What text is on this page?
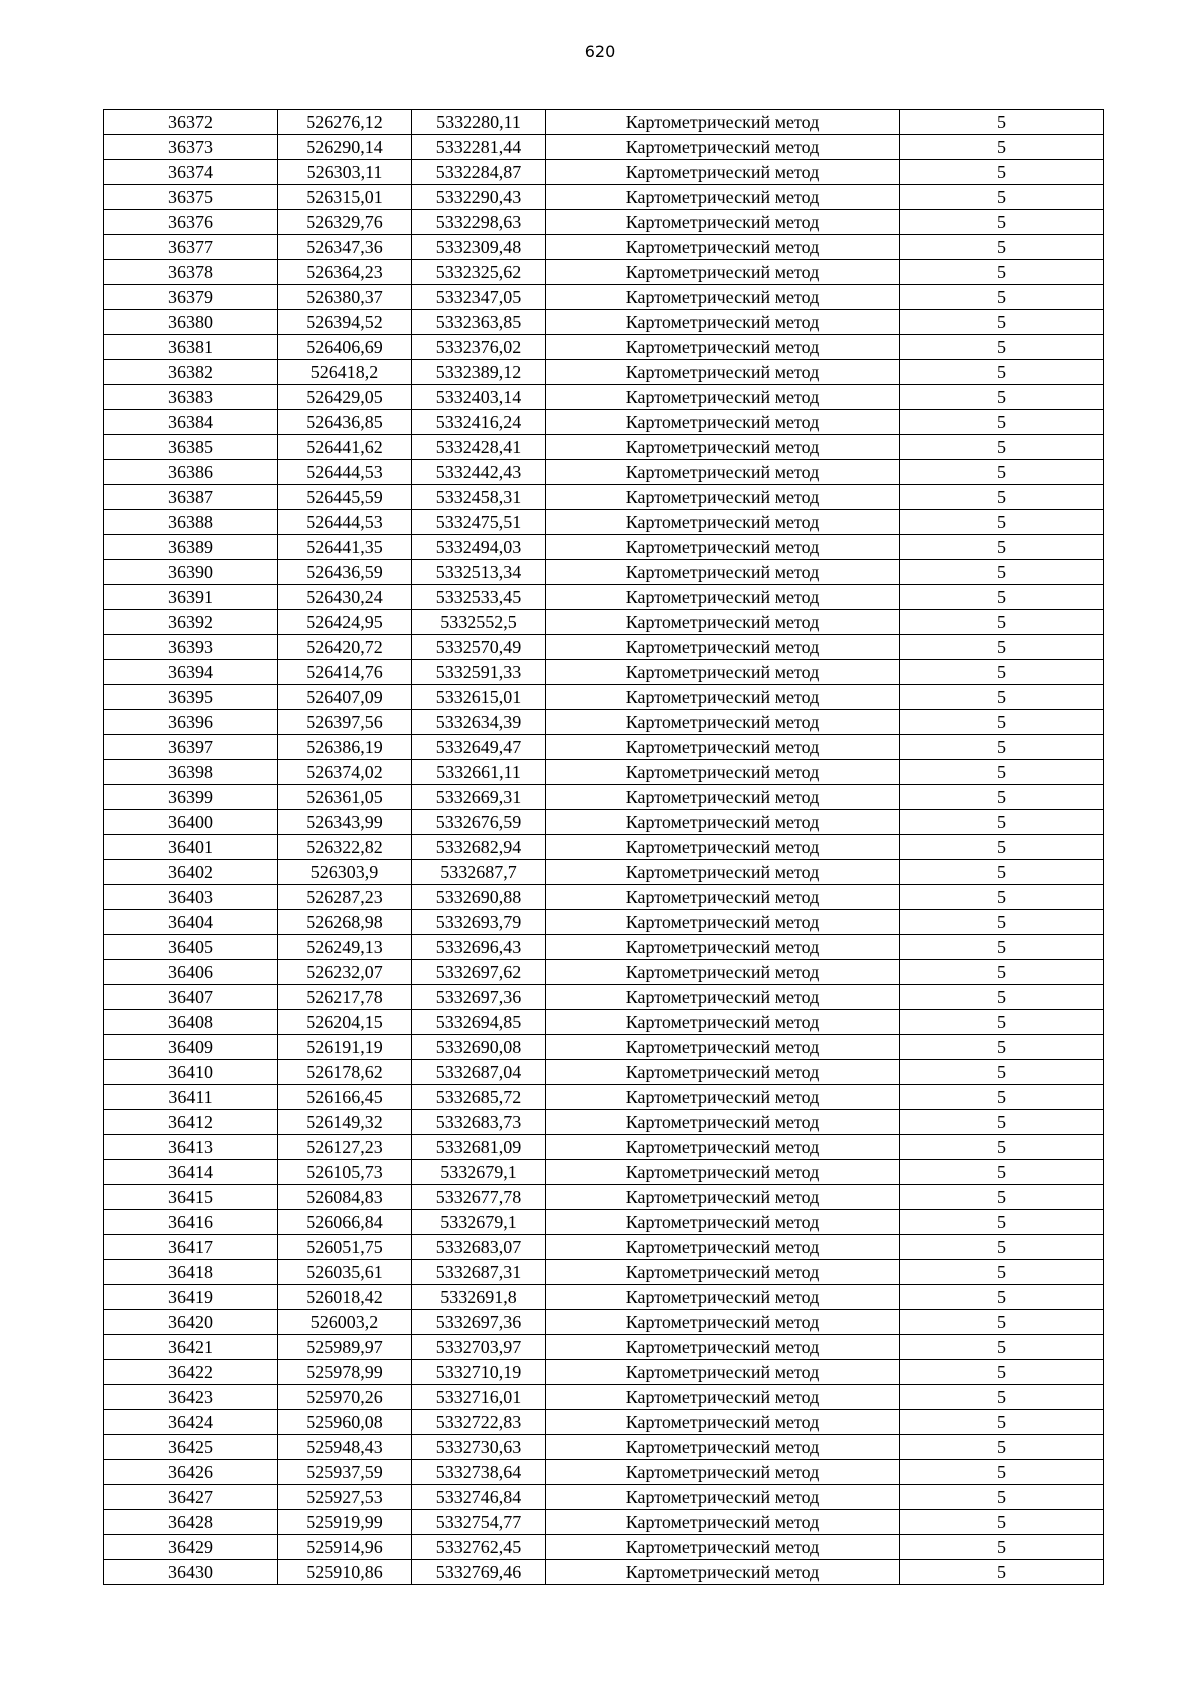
620
36372	526276,12	5332280,11	Картометрический метод	5
36373	526290,14	5332281,44	Картометрический метод	5
36374	526303,11	5332284,87	Картометрический метод	5
36375	526315,01	5332290,43	Картометрический метод	5
36376	526329,76	5332298,63	Картометрический метод	5
36377	526347,36	5332309,48	Картометрический метод	5
36378	526364,23	5332325,62	Картометрический метод	5
36379	526380,37	5332347,05	Картометрический метод	5
36380	526394,52	5332363,85	Картометрический метод	5
36381	526406,69	5332376,02	Картометрический метод	5
36382	526418,2	5332389,12	Картометрический метод	5
36383	526429,05	5332403,14	Картометрический метод	5
36384	526436,85	5332416,24	Картометрический метод	5
36385	526441,62	5332428,41	Картометрический метод	5
36386	526444,53	5332442,43	Картометрический метод	5
36387	526445,59	5332458,31	Картометрический метод	5
36388	526444,53	5332475,51	Картометрический метод	5
36389	526441,35	5332494,03	Картометрический метод	5
36390	526436,59	5332513,34	Картометрический метод	5
36391	526430,24	5332533,45	Картометрический метод	5
36392	526424,95	5332552,5	Картометрический метод	5
36393	526420,72	5332570,49	Картометрический метод	5
36394	526414,76	5332591,33	Картометрический метод	5
36395	526407,09	5332615,01	Картометрический метод	5
36396	526397,56	5332634,39	Картометрический метод	5
36397	526386,19	5332649,47	Картометрический метод	5
36398	526374,02	5332661,11	Картометрический метод	5
36399	526361,05	5332669,31	Картометрический метод	5
36400	526343,99	5332676,59	Картометрический метод	5
36401	526322,82	5332682,94	Картометрический метод	5
36402	526303,9	5332687,7	Картометрический метод	5
36403	526287,23	5332690,88	Картометрический метод	5
36404	526268,98	5332693,79	Картометрический метод	5
36405	526249,13	5332696,43	Картометрический метод	5
36406	526232,07	5332697,62	Картометрический метод	5
36407	526217,78	5332697,36	Картометрический метод	5
36408	526204,15	5332694,85	Картометрический метод	5
36409	526191,19	5332690,08	Картометрический метод	5
36410	526178,62	5332687,04	Картометрический метод	5
36411	526166,45	5332685,72	Картометрический метод	5
36412	526149,32	5332683,73	Картометрический метод	5
36413	526127,23	5332681,09	Картометрический метод	5
36414	526105,73	5332679,1	Картометрический метод	5
36415	526084,83	5332677,78	Картометрический метод	5
36416	526066,84	5332679,1	Картометрический метод	5
36417	526051,75	5332683,07	Картометрический метод	5
36418	526035,61	5332687,31	Картометрический метод	5
36419	526018,42	5332691,8	Картометрический метод	5
36420	526003,2	5332697,36	Картометрический метод	5
36421	525989,97	5332703,97	Картометрический метод	5
36422	525978,99	5332710,19	Картометрический метод	5
36423	525970,26	5332716,01	Картометрический метод	5
36424	525960,08	5332722,83	Картометрический метод	5
36425	525948,43	5332730,63	Картометрический метод	5
36426	525937,59	5332738,64	Картометрический метод	5
36427	525927,53	5332746,84	Картометрический метод	5
36428	525919,99	5332754,77	Картометрический метод	5
36429	525914,96	5332762,45	Картометрический метод	5
36430	525910,86	5332769,46	Картометрический метод	5
